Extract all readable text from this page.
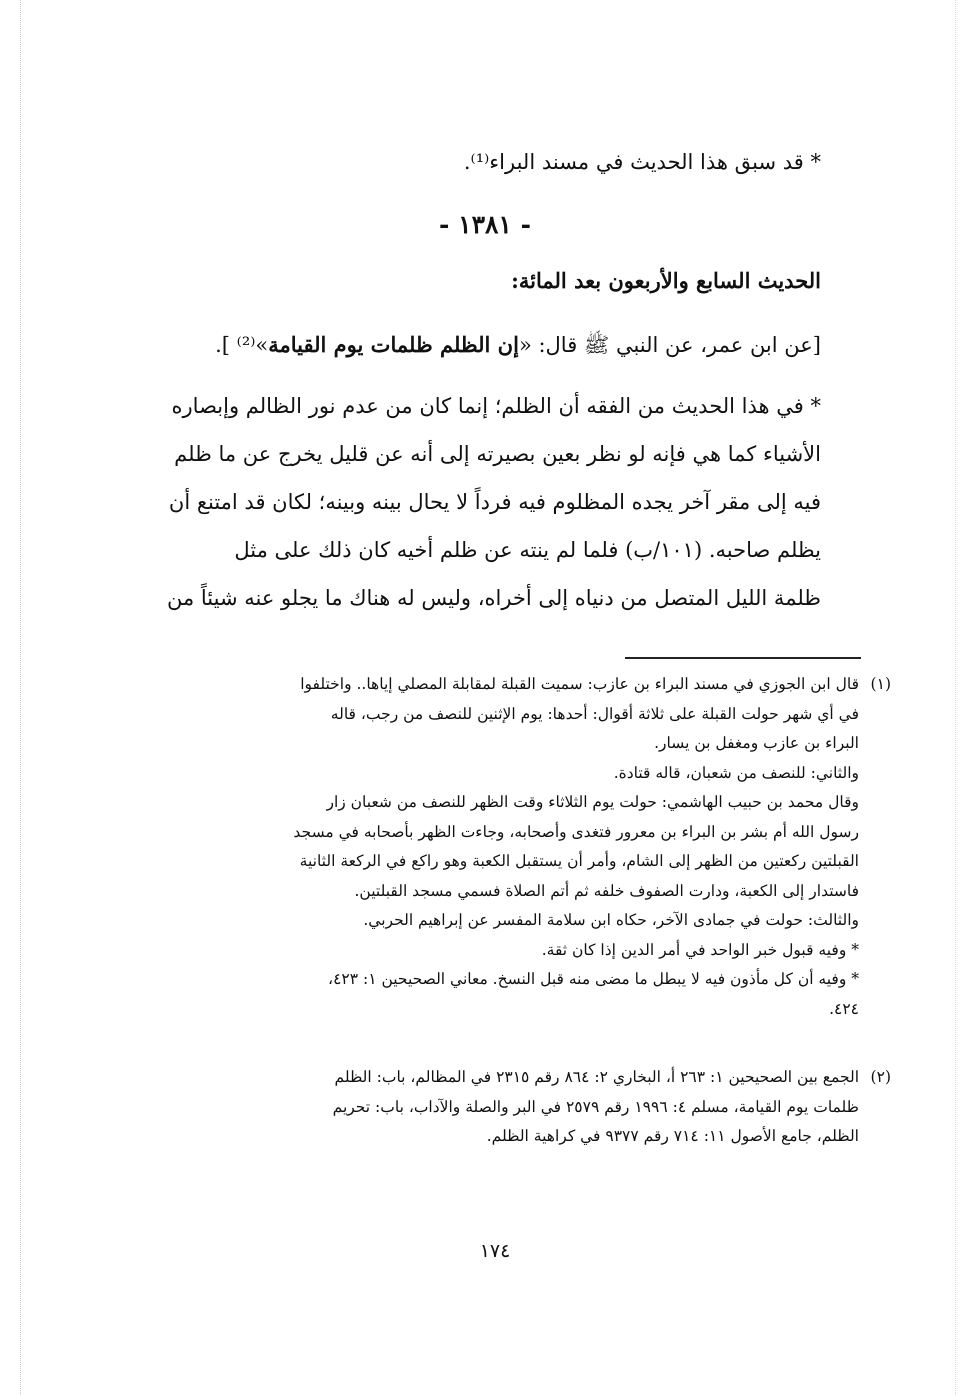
* قد سبق هذا الحديث في مسند البراء⁽¹⁾.
- ١٣٨١ -
الحديث السابع والأربعون بعد المائة:
[عن ابن عمر، عن النبي ﷺ قال: «إن الظلم ظلمات يوم القيامة»⁽²⁾ ].

* في هذا الحديث من الفقه أن الظلم؛ إنما كان من عدم نور الظالم وإبصاره

الأشياء كما هي فإنه لو نظر بعين بصيرته إلى أنه عن قليل يخرج عن ما ظلم

فيه إلى مقر آخر يجده المظلوم فيه فرداً لا يحال بينه وبينه؛ لكان قد امتنع أن

يظلم صاحبه. (١٠١/ب) فلما لم ينته عن ظلم أخيه كان ذلك على مثل

ظلمة الليل المتصل من دنياه إلى أخراه، وليس له هناك ما يجلو عنه شيئاً من

(١)

قال ابن الجوزي في مسند البراء بن عازب: سميت القبلة لمقابلة المصلي إياها.. واختلفوا

في أي شهر حولت القبلة على ثلاثة أقوال: أحدها: يوم الإثنين للنصف من رجب، قاله

البراء بن عازب ومغفل بن يسار.

والثاني: للنصف من شعبان، قاله قتادة.

وقال محمد بن حبيب الهاشمي: حولت يوم الثلاثاء وقت الظهر للنصف من شعبان زار

رسول الله أم بشر بن البراء بن معرور فتغدى وأصحابه، وجاءت الظهر بأصحابه في مسجد

القبلتين ركعتين من الظهر إلى الشام، وأمر أن يستقبل الكعبة وهو راكع في الركعة الثانية

فاستدار إلى الكعبة، ودارت الصفوف خلفه ثم أتم الصلاة فسمي مسجد القبلتين.

والثالث: حولت في جمادى الآخر، حكاه ابن سلامة المفسر عن إبراهيم الحربي.

* وفيه قبول خبر الواحد في أمر الدين إذا كان ثقة.

* وفيه أن كل مأذون فيه لا يبطل ما مضى منه قبل النسخ. معاني الصحيحين ١: ٤٢٣،

٤٢٤.

(٢)

الجمع بين الصحيحين ١: ٢٦٣ أ، البخاري ٢: ٨٦٤ رقم ٢٣١٥ في المظالم، باب: الظلم

ظلمات يوم القيامة، مسلم ٤: ١٩٩٦ رقم ٢٥٧٩ في البر والصلة والآداب، باب: تحريم

الظلم، جامع الأصول ١١: ٧١٤ رقم ٩٣٧٧ في كراهية الظلم.

١٧٤
